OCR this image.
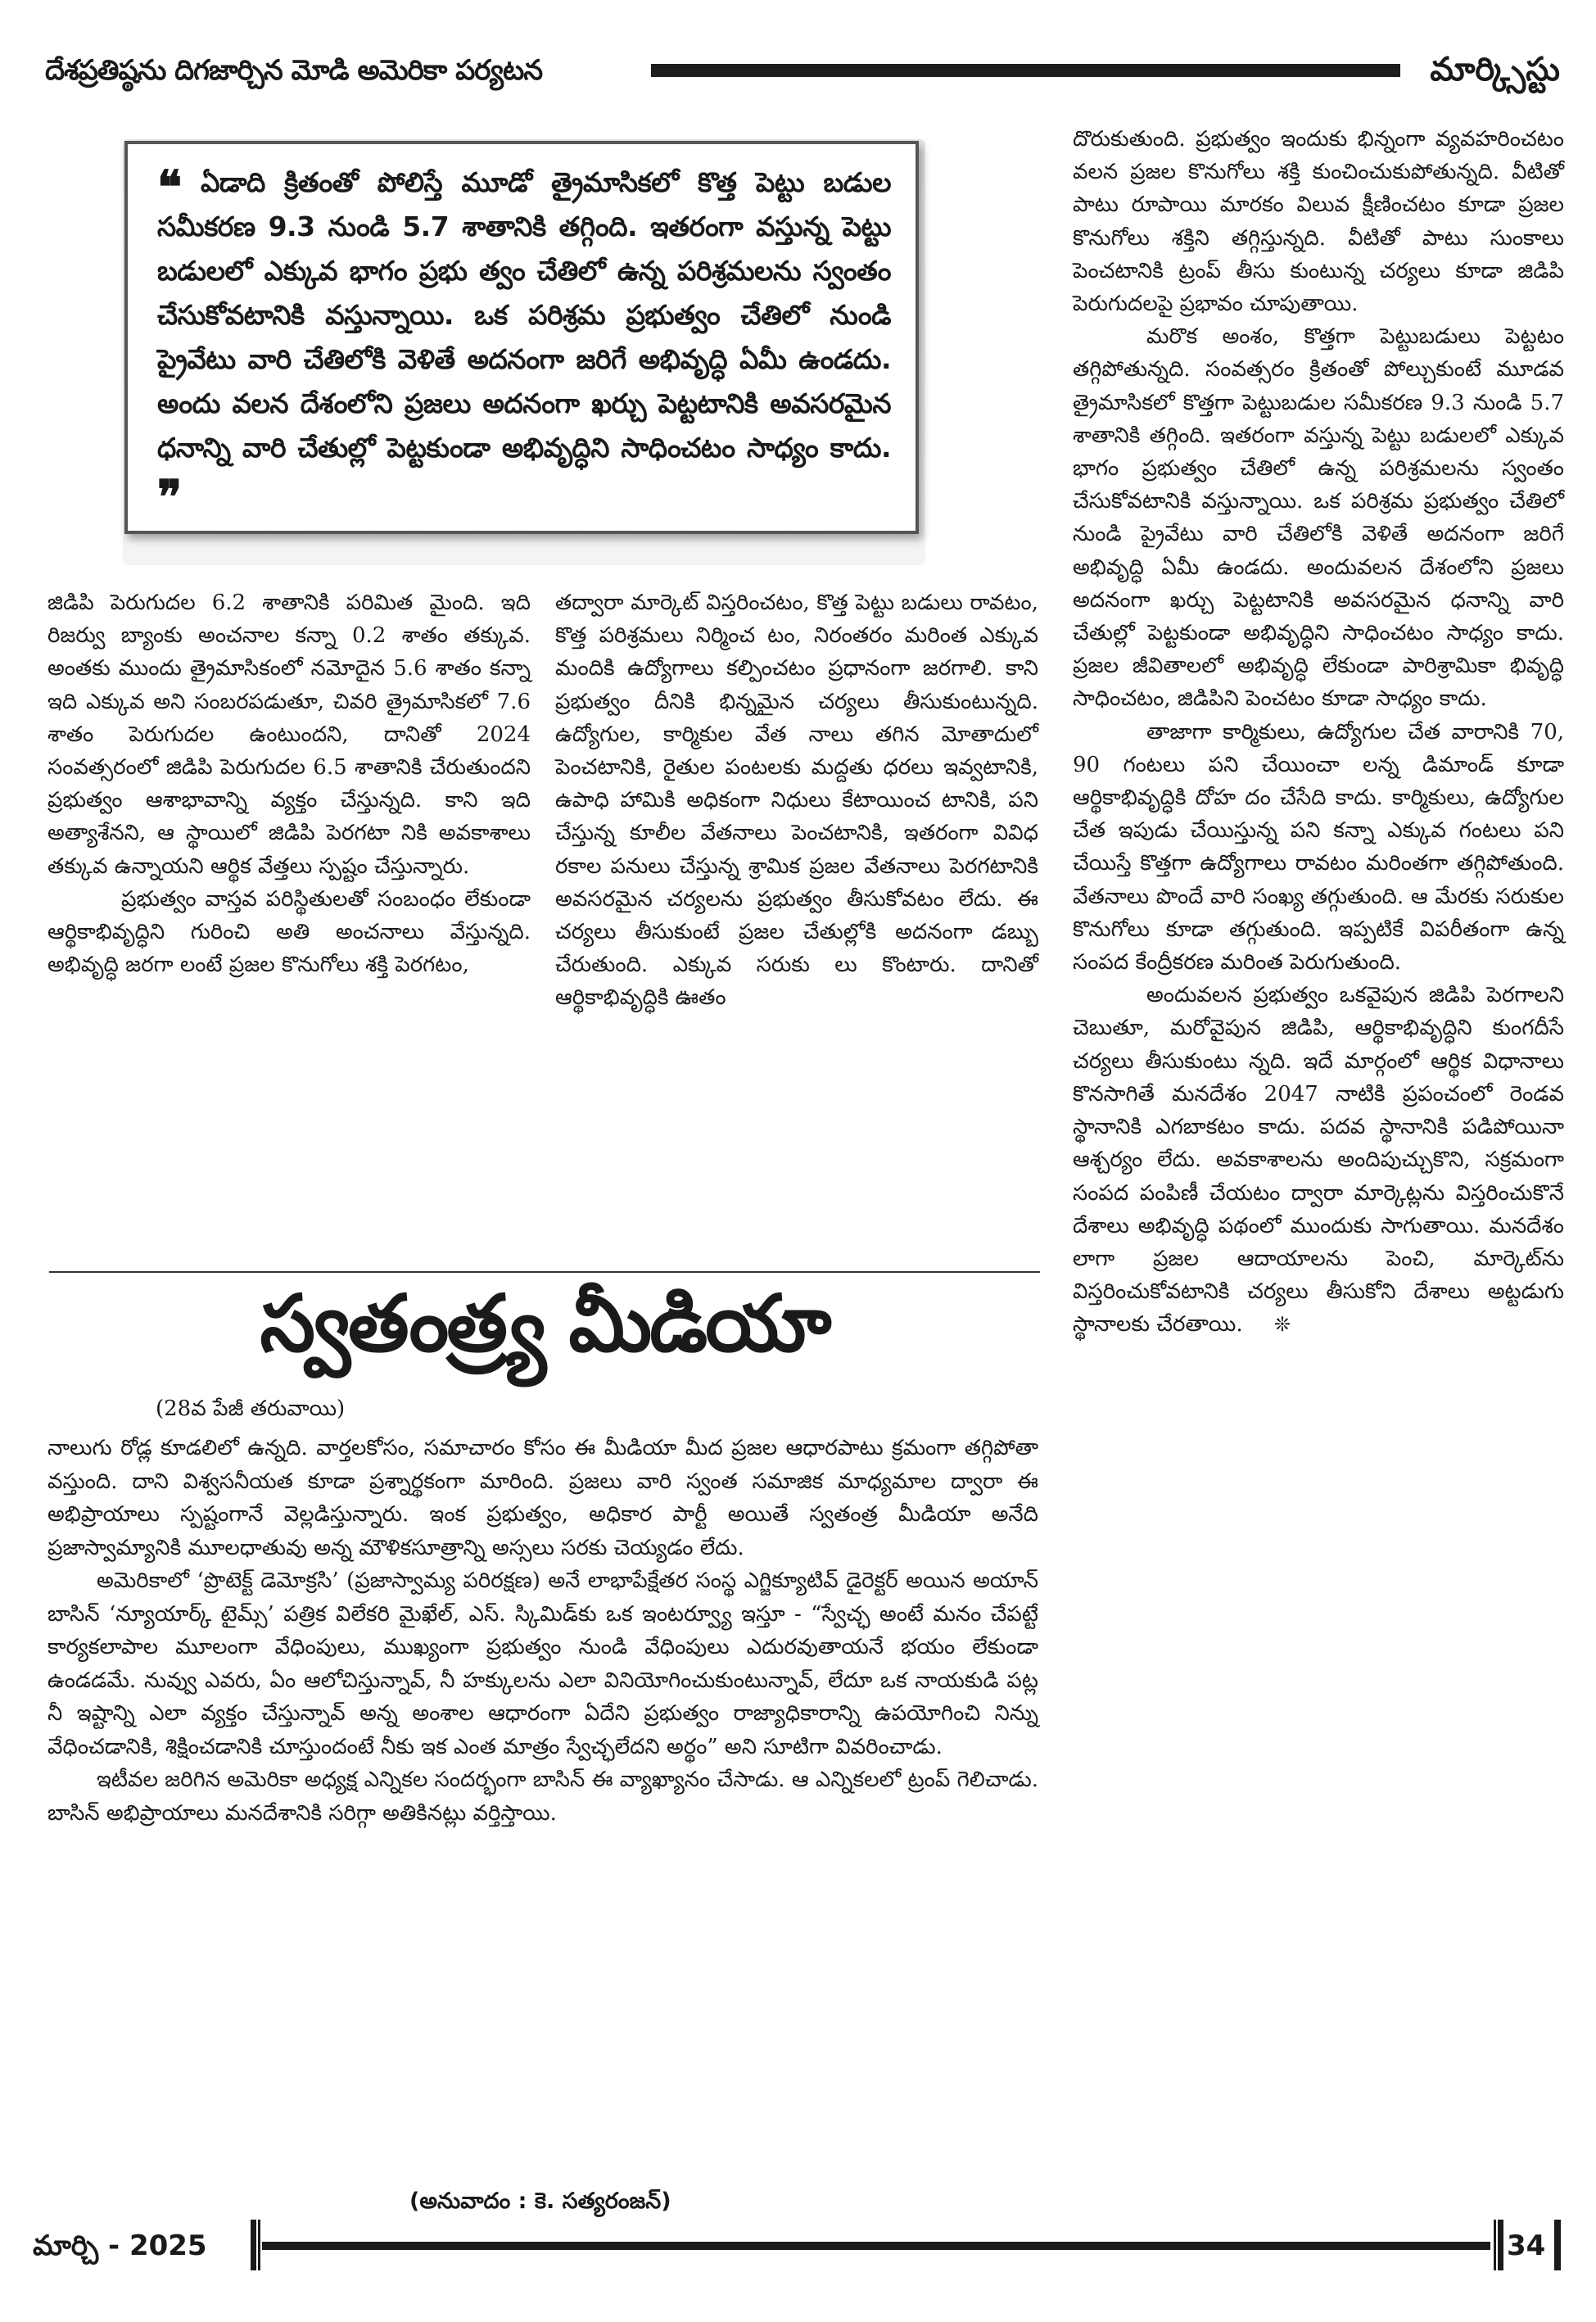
దేశప్రతిష్ఠను దిగజార్చిన మోడి అమెరికా పర్యటన	మార్క్సిస్టు
❝ ఏడాది క్రితంతో పోలిస్తే మూడో త్రైమాసికలో కొత్త పెట్టు బడుల సమీకరణ 9.3 నుండి 5.7 శాతానికి తగ్గింది. ఇతరంగా వస్తున్న పెట్టు బడులలో ఎక్కువ భాగం ప్రభు త్వం చేతిలో ఉన్న పరిశ్రమలను స్వంతం చేసుకోవటానికి వస్తున్నాయి. ఒక పరిశ్రమ ప్రభుత్వం చేతిలో నుండి ప్రైవేటు వారి చేతిలోకి వెళితే అదనంగా జరిగే అభివృద్ధి ఏమీ ఉండదు. అందు వలన దేశంలోని ప్రజలు అదనంగా ఖర్చు పెట్టటానికి అవసరమైన ధనాన్ని వారి చేతుల్లో పెట్టకుండా అభివృద్ధిని సాధించటం సాధ్యం కాదు. ❞

జిడిపి పెరుగుదల 6.2 శాతానికి పరిమిత మైంది. ఇది రిజర్వు బ్యాంకు అంచనాల కన్నా 0.2 శాతం తక్కువ. అంతకు ముందు త్రైమాసికంలో నమోదైన 5.6 శాతం కన్నా ఇది ఎక్కువ అని సంబరపడుతూ, చివరి త్రైమాసికలో 7.6 శాతం పెరుగుదల ఉంటుందని, దానితో 2024 సంవత్సరంలో జిడిపి పెరుగుదల 6.5 శాతానికి చేరుతుందని ప్రభుత్వం ఆశాభావాన్ని వ్యక్తం చేస్తున్నది. కాని ఇది అత్యాశేనని, ఆ స్థాయిలో జిడిపి పెరగటా నికి అవకాశాలు తక్కువ ఉన్నాయని ఆర్థిక వేత్తలు స్పష్టం చేస్తున్నారు.

ప్రభుత్వం వాస్తవ పరిస్థితులతో సంబంధం లేకుండా ఆర్థికాభివృద్ధిని గురించి అతి అంచనాలు వేస్తున్నది. అభివృద్ధి జరగా లంటే ప్రజల కొనుగోలు శక్తి పెరగటం,

తద్వారా మార్కెట్ విస్తరించటం, కొత్త పెట్టు బడులు రావటం, కొత్త పరిశ్రమలు నిర్మించ టం, నిరంతరం మరింత ఎక్కువ మందికి ఉద్యోగాలు కల్పించటం ప్రధానంగా జరగాలి. కాని ప్రభుత్వం దీనికి భిన్నమైన చర్యలు తీసుకుంటున్నది. ఉద్యోగుల, కార్మికుల వేత నాలు తగిన మోతాదులో పెంచటానికి, రైతుల పంటలకు మద్దతు ధరలు ఇవ్వటానికి, ఉపాధి హామికి అధికంగా నిధులు కేటాయించ టానికి, పని చేస్తున్న కూలీల వేతనాలు పెంచటానికి, ఇతరంగా వివిధ రకాల పనులు చేస్తున్న శ్రామిక ప్రజల వేతనాలు పెరగటానికి అవసరమైన చర్యలను ప్రభుత్వం తీసుకోవటం లేదు. ఈ చర్యలు తీసుకుంటే ప్రజల చేతుల్లోకి అదనంగా డబ్బు చేరుతుంది. ఎక్కువ సరుకు లు కొంటారు. దానితో ఆర్థికాభివృద్ధికి ఊతం

దొరుకుతుంది. ప్రభుత్వం ఇందుకు భిన్నంగా వ్యవహరించటం వలన ప్రజల కొనుగోలు శక్తి కుంచించుకుపోతున్నది. వీటితో పాటు రూపాయి మారకం విలువ క్షీణించటం కూడా ప్రజల కొనుగోలు శక్తిని తగ్గిస్తున్నది. వీటితో పాటు సుంకాలు పెంచటానికి ట్రంప్ తీసు కుంటున్న చర్యలు కూడా జిడిపి పెరుగుదలపై ప్రభావం చూపుతాయి.

మరొక అంశం, కొత్తగా పెట్టుబడులు పెట్టటం తగ్గిపోతున్నది. సంవత్సరం క్రితంతో పోల్చుకుంటే మూడవ త్రైమాసికలో కొత్తగా పెట్టుబడుల సమీకరణ 9.3 నుండి 5.7 శాతానికి తగ్గింది. ఇతరంగా వస్తున్న పెట్టు బడులలో ఎక్కువ భాగం ప్రభుత్వం చేతిలో ఉన్న పరిశ్రమలను స్వంతం చేసుకోవటానికి వస్తున్నాయి. ఒక పరిశ్రమ ప్రభుత్వం చేతిలో నుండి ప్రైవేటు వారి చేతిలోకి వెళితే అదనంగా జరిగే అభివృద్ధి ఏమీ ఉండదు. అందువలన దేశంలోని ప్రజలు అదనంగా ఖర్చు పెట్టటానికి అవసరమైన ధనాన్ని వారి చేతుల్లో పెట్టకుండా అభివృద్ధిని సాధించటం సాధ్యం కాదు. ప్రజల జీవితాలలో అభివృద్ధి లేకుండా పారిశ్రామికా భివృద్ధి సాధించటం, జిడిపిని పెంచటం కూడా సాధ్యం కాదు.

తాజాగా కార్మికులు, ఉద్యోగుల చేత వారానికి 70, 90 గంటలు పని చేయించా లన్న డిమాండ్ కూడా ఆర్థికాభివృద్ధికి దోహ దం చేసేది కాదు. కార్మికులు, ఉద్యోగుల చేత ఇపుడు చేయిస్తున్న పని కన్నా ఎక్కువ గంటలు పని చేయిస్తే కొత్తగా ఉద్యోగాలు రావటం మరింతగా తగ్గిపోతుంది. వేతనాలు పొందే వారి సంఖ్య తగ్గుతుంది. ఆ మేరకు సరుకుల కొనుగోలు కూడా తగ్గుతుంది. ఇప్పటికే విపరీతంగా ఉన్న సంపద కేంద్రీకరణ మరింత పెరుగుతుంది.

అందువలన ప్రభుత్వం ఒకవైపున జిడిపి పెరగాలని చెబుతూ, మరోవైపున జిడిపి, ఆర్థికాభివృద్ధిని కుంగదీసే చర్యలు తీసుకుంటు న్నది. ఇదే మార్గంలో ఆర్థిక విధానాలు కొనసాగితే మనదేశం 2047 నాటికి ప్రపంచంలో రెండవ స్థానానికి ఎగబాకటం కాదు. పదవ స్థానానికి పడిపోయినా ఆశ్చర్యం లేదు. అవకాశాలను అందిపుచ్చుకొని, సక్రమంగా సంపద పంపిణీ చేయటం ద్వారా మార్కెట్లను విస్తరించుకొనే దేశాలు అభివృద్ధి పథంలో ముందుకు సాగుతాయి. మనదేశం లాగా ప్రజల ఆదాయాలను పెంచి, మార్కెట్‌ను విస్తరించుకోవటానికి చర్యలు తీసుకోని దేశాలు అట్టడుగు స్థానాలకు చేరతాయి. ❊

స్వతంత్ర్య మీడియా
(28వ పేజీ తరువాయి)

నాలుగు రోడ్ల కూడలిలో ఉన్నది. వార్తలకోసం, సమాచారం కోసం ఈ మీడియా మీద ప్రజల ఆధారపాటు క్రమంగా తగ్గిపోతా వస్తుంది. దాని విశ్వసనీయత కూడా ప్రశ్నార్థకంగా మారింది. ప్రజలు వారి స్వంత సమాజిక మాధ్యమాల ద్వారా ఈ అభిప్రాయాలు స్పష్టంగానే వెల్లడిస్తున్నారు. ఇంక ప్రభుత్వం, అధికార పార్టీ అయితే స్వతంత్ర మీడియా అనేది ప్రజాస్వామ్యానికి మూలధాతువు అన్న మౌళికసూత్రాన్ని అస్సలు సరకు చెయ్యడం లేదు.

అమెరికాలో ‘ప్రొటెక్ట్ డెమోక్రసి’ (ప్రజాస్వామ్య పరిరక్షణ) అనే లాభాపేక్షేతర సంస్థ ఎగ్జిక్యూటివ్ డైరెక్టర్ అయిన అయాన్ బాసిన్ ‘న్యూయార్క్ టైమ్స్’ పత్రిక విలేకరి మైఖేల్, ఎస్. స్కిమిడ్‌కు ఒక ఇంటర్వ్యూ ఇస్తూ - “స్వేచ్ఛ అంటే మనం చేపట్టే కార్యకలాపాల మూలంగా వేధింపులు, ముఖ్యంగా ప్రభుత్వం నుండి వేధింపులు ఎదురవుతాయనే భయం లేకుండా ఉండడమే. నువ్వు ఎవరు, ఏం ఆలోచిస్తున్నావ్, నీ హక్కులను ఎలా వినియోగించుకుంటున్నావ్, లేదూ ఒక నాయకుడి పట్ల నీ ఇష్టాన్ని ఎలా వ్యక్తం చేస్తున్నావ్ అన్న అంశాల ఆధారంగా ఏదేని ప్రభుత్వం రాజ్యాధికారాన్ని ఉపయోగించి నిన్ను వేధించడానికి, శిక్షించడానికి చూస్తుందంటే నీకు ఇక ఎంత మాత్రం స్వేచ్ఛలేదని అర్థం” అని సూటిగా వివరించాడు.

ఇటీవల జరిగిన అమెరికా అధ్యక్ష ఎన్నికల సందర్భంగా బాసిన్ ఈ వ్యాఖ్యానం చేసాడు. ఆ ఎన్నికలలో ట్రంప్ గెలిచాడు. బాసిన్ అభిప్రాయాలు మనదేశానికి సరిగ్గా అతికినట్లు వర్తిస్తాయి.

(అనువాదం : కె. సత్యరంజన్)
మార్చి - 2025	34
